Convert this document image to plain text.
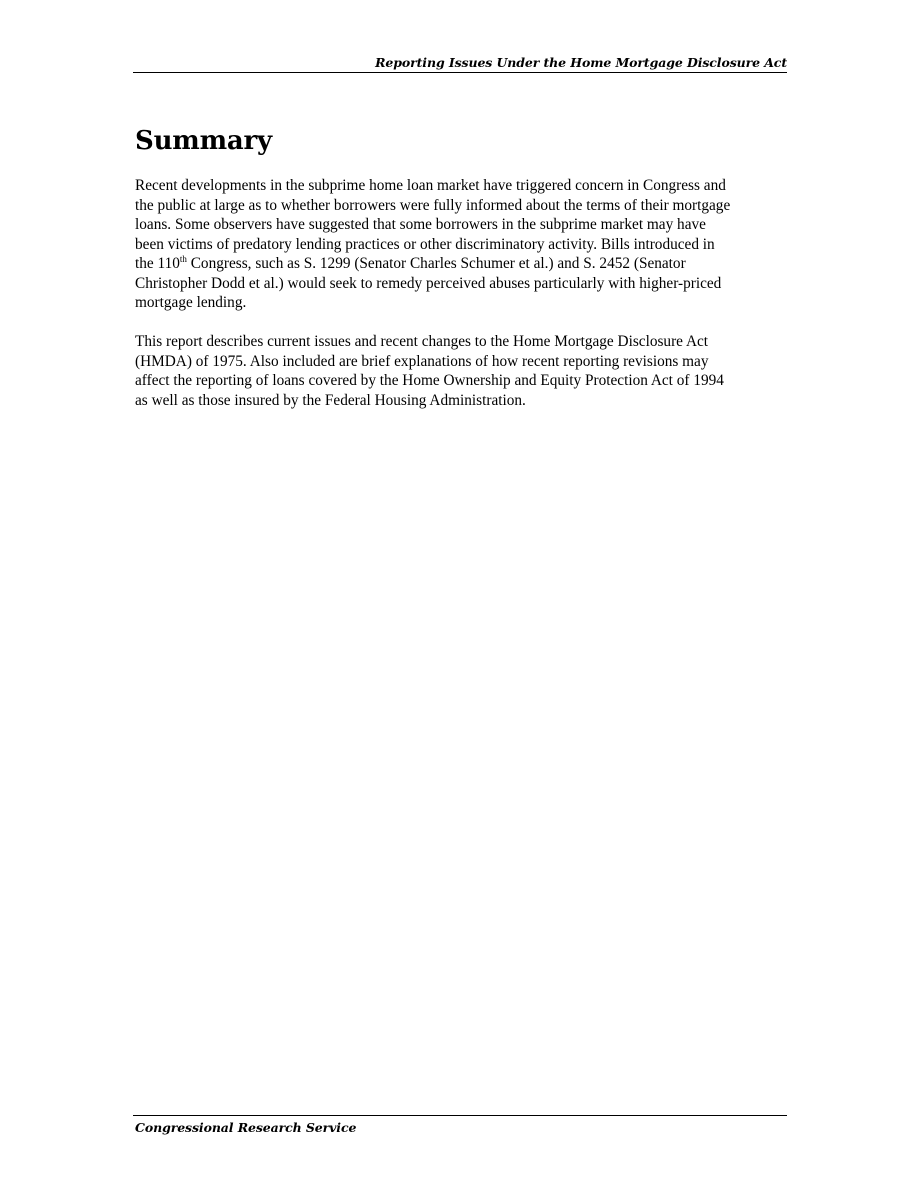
Reporting Issues Under the Home Mortgage Disclosure Act
Summary

Recent developments in the subprime home loan market have triggered concern in Congress and
the public at large as to whether borrowers were fully informed about the terms of their mortgage
loans. Some observers have suggested that some borrowers in the subprime market may have
been victims of predatory lending practices or other discriminatory activity. Bills introduced in
the 110th Congress, such as S. 1299 (Senator Charles Schumer et al.) and S. 2452 (Senator
Christopher Dodd et al.) would seek to remedy perceived abuses particularly with higher-priced
mortgage lending.

This report describes current issues and recent changes to the Home Mortgage Disclosure Act
(HMDA) of 1975. Also included are brief explanations of how recent reporting revisions may
affect the reporting of loans covered by the Home Ownership and Equity Protection Act of 1994
as well as those insured by the Federal Housing Administration.

Congressional Research Service
